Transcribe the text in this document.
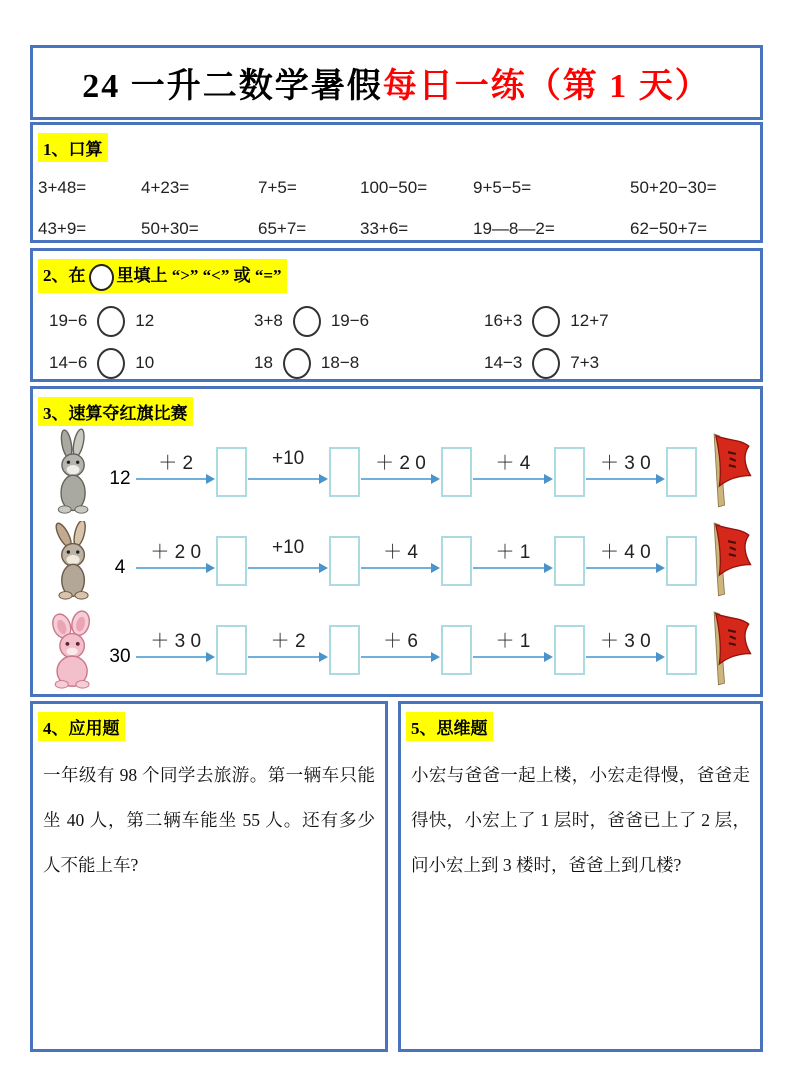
24 一升二数学暑假每日一练（第 1 天）
1、口算
3+48=	4+23=	7+5=	100−50=	9+5−5=	50+20−30=
43+9=	50+30=	65+7=	33+6=	19—8—2=	62−50+7=
2、在 里填上 “>” “<” 或 “=”
19−6	12	3+8	19−6	16+3	12+7
14−6	10	18	18−8	14−3	7+3
3、速算夺红旗比赛
12
＋ 2	+10	＋ 2 0	＋ 4	＋ 3 0
4
＋ 2 0	+10	＋ 4	＋ 1	＋ 4 0
30
＋ 3 0	＋ 2	＋ 6	＋ 1	＋ 3 0
4、应用题

一年级有 98 个同学去旅游。第一辆车只能坐 40 人，第二辆车能坐 55 人。还有多少人不能上车?

5、思维题

小宏与爸爸一起上楼，小宏走得慢，爸爸走得快，小宏上了 1 层时，爸爸已上了 2 层，问小宏上到 3 楼时，爸爸上到几楼?
